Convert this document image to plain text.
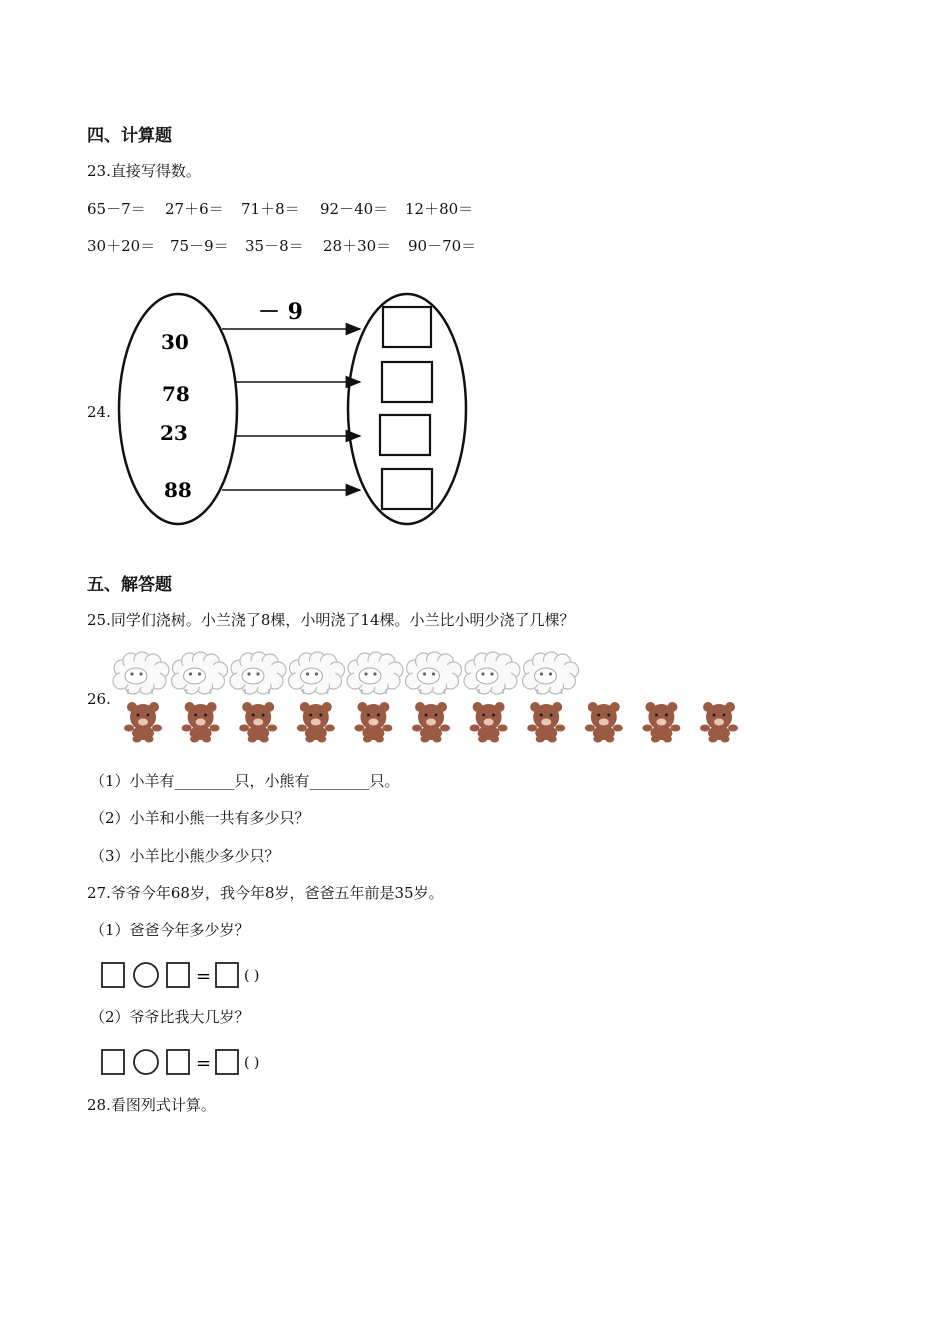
四、计算题
23.直接写得数。
65－7＝ 27＋6＝ 71＋8＝ 92－40＝ 12＋80＝
30＋20＝ 75－9＝ 35－8＝ 28＋30＝ 90－70＝
24.
－ 9
30
78
23
88
五、解答题
25.同学们浇树。小兰浇了8棵，小明浇了14棵。小兰比小明少浇了几棵？
26.
（1）小羊有________只，小熊有________只。
（2）小羊和小熊一共有多少只？
（3）小羊比小熊少多少只？
27.爷爷今年68岁，我今年8岁，爸爸五年前是35岁。
（1）爸爸今年多少岁？
= ( )
（2）爷爷比我大几岁？
= ( )
28.看图列式计算。
